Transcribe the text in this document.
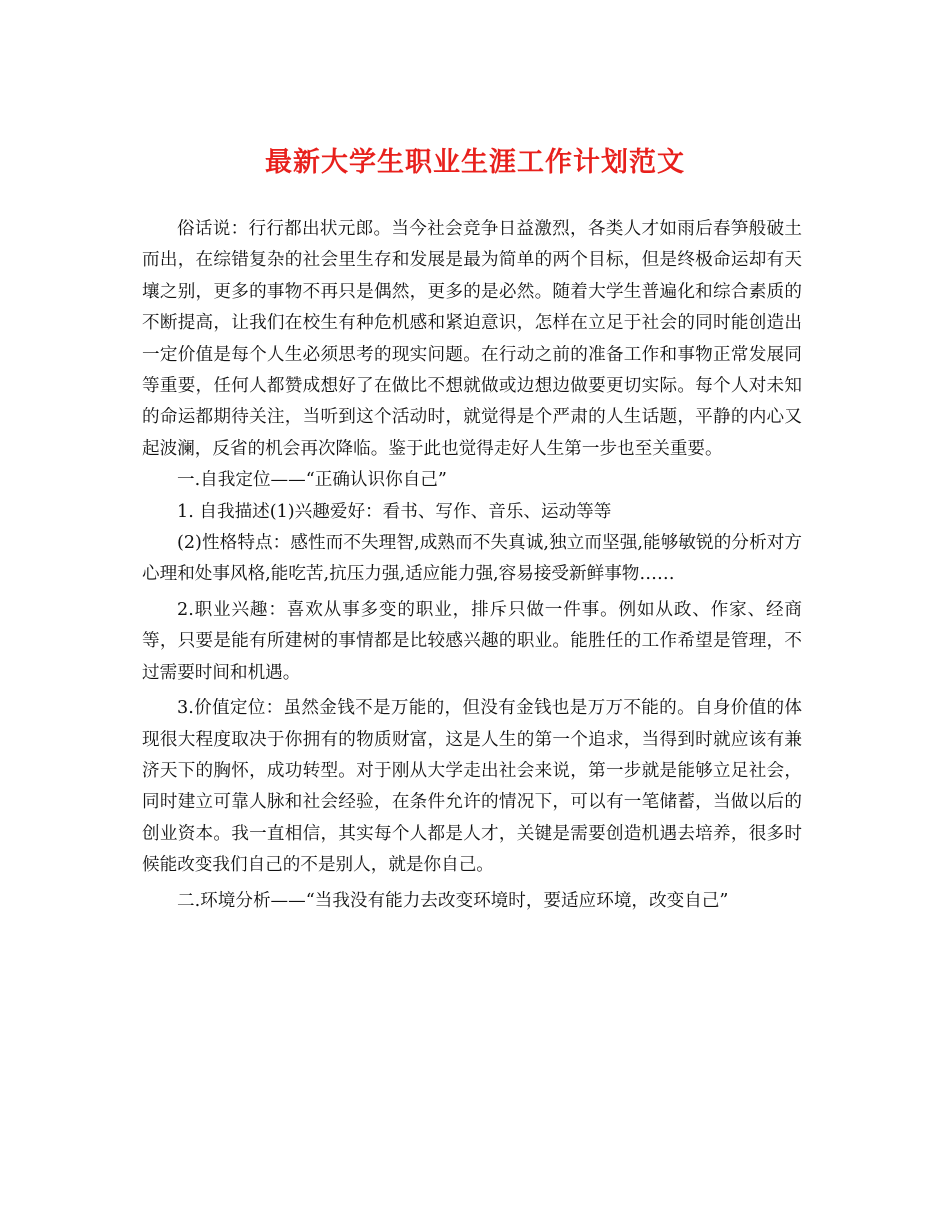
最新大学生职业生涯工作计划范文

俗话说：行行都出状元郎。当今社会竞争日益激烈，各类人才如雨后春笋般破土而出，在综错复杂的社会里生存和发展是最为简单的两个目标，但是终极命运却有天壤之别，更多的事物不再只是偶然，更多的是必然。随着大学生普遍化和综合素质的不断提高，让我们在校生有种危机感和紧迫意识，怎样在立足于社会的同时能创造出一定价值是每个人生必须思考的现实问题。在行动之前的准备工作和事物正常发展同等重要，任何人都赞成想好了在做比不想就做或边想边做要更切实际。每个人对未知的命运都期待关注，当听到这个活动时，就觉得是个严肃的人生话题，平静的内心又起波澜，反省的机会再次降临。鉴于此也觉得走好人生第一步也至关重要。

一.自我定位——“正确认识你自己”

1. 自我描述(1)兴趣爱好：看书、写作、音乐、运动等等

(2)性格特点：感性而不失理智,成熟而不失真诚,独立而坚强,能够敏锐的分析对方心理和处事风格,能吃苦,抗压力强,适应能力强,容易接受新鲜事物……

2.职业兴趣：喜欢从事多变的职业，排斥只做一件事。例如从政、作家、经商等，只要是能有所建树的事情都是比较感兴趣的职业。能胜任的工作希望是管理，不过需要时间和机遇。

3.价值定位：虽然金钱不是万能的，但没有金钱也是万万不能的。自身价值的体现很大程度取决于你拥有的物质财富，这是人生的第一个追求，当得到时就应该有兼济天下的胸怀，成功转型。对于刚从大学走出社会来说，第一步就是能够立足社会，同时建立可靠人脉和社会经验，在条件允许的情况下，可以有一笔储蓄，当做以后的创业资本。我一直相信，其实每个人都是人才，关键是需要创造机遇去培养，很多时候能改变我们自己的不是别人，就是你自己。

二.环境分析——“当我没有能力去改变环境时，要适应环境，改变自己”
